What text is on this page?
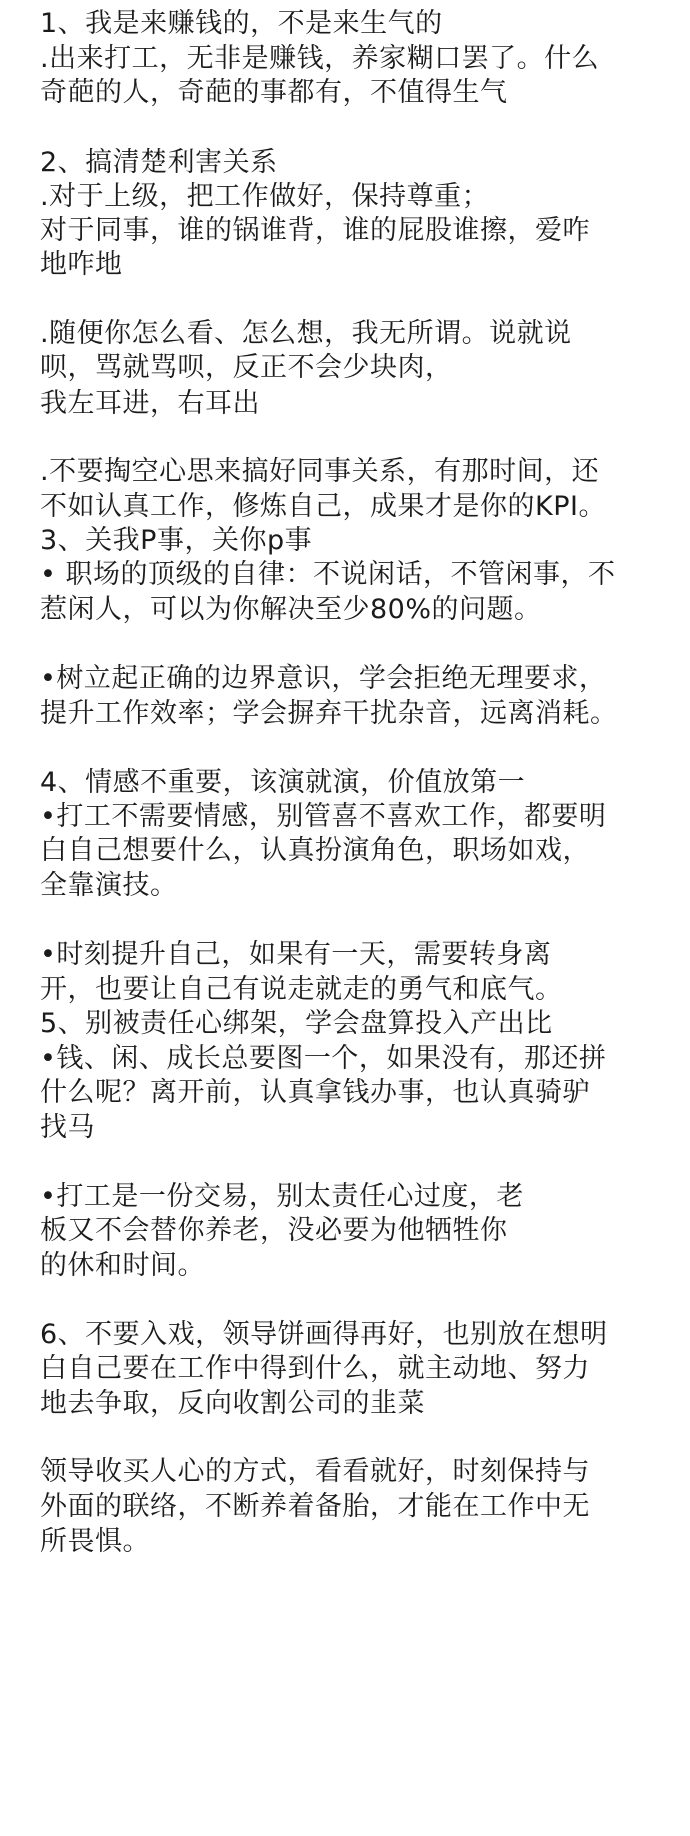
1、我是来赚钱的，不是来生气的
.出来打工，无非是赚钱，养家糊口罢了。什么
奇葩的人，奇葩的事都有，不值得生气
2、搞清楚利害关系
.对于上级，把工作做好，保持尊重；
对于同事，谁的锅谁背，谁的屁股谁擦，爱咋
地咋地
.随便你怎么看、怎么想，我无所谓。说就说
呗，骂就骂呗，反正不会少块肉，
我左耳进，右耳出
.不要掏空心思来搞好同事关系，有那时间，还
不如认真工作，修炼自己，成果才是你的KPI。
3、关我P事，关你p事
• 职场的顶级的自律：不说闲话，不管闲事，不
惹闲人，可以为你解决至少80%的问题。
•树立起正确的边界意识，学会拒绝无理要求，
提升工作效率；学会摒弃干扰杂音，远离消耗。
4、情感不重要，该演就演，价值放第一
•打工不需要情感，别管喜不喜欢工作，都要明
白自己想要什么，认真扮演角色，职场如戏，
全靠演技。
•时刻提升自己，如果有一天，需要转身离
开，也要让自己有说走就走的勇气和底气。
5、别被责任心绑架，学会盘算投入产出比
•钱、闲、成长总要图一个，如果没有，那还拼
什么呢？离开前，认真拿钱办事，也认真骑驴
找马
•打工是一份交易，别太责任心过度，老
板又不会替你养老，没必要为他牺牲你
的休和时间。
6、不要入戏，领导饼画得再好，也别放在想明
白自己要在工作中得到什么，就主动地、努力
地去争取，反向收割公司的韭菜
领导收买人心的方式，看看就好，时刻保持与
外面的联络，不断养着备胎，才能在工作中无
所畏惧。
